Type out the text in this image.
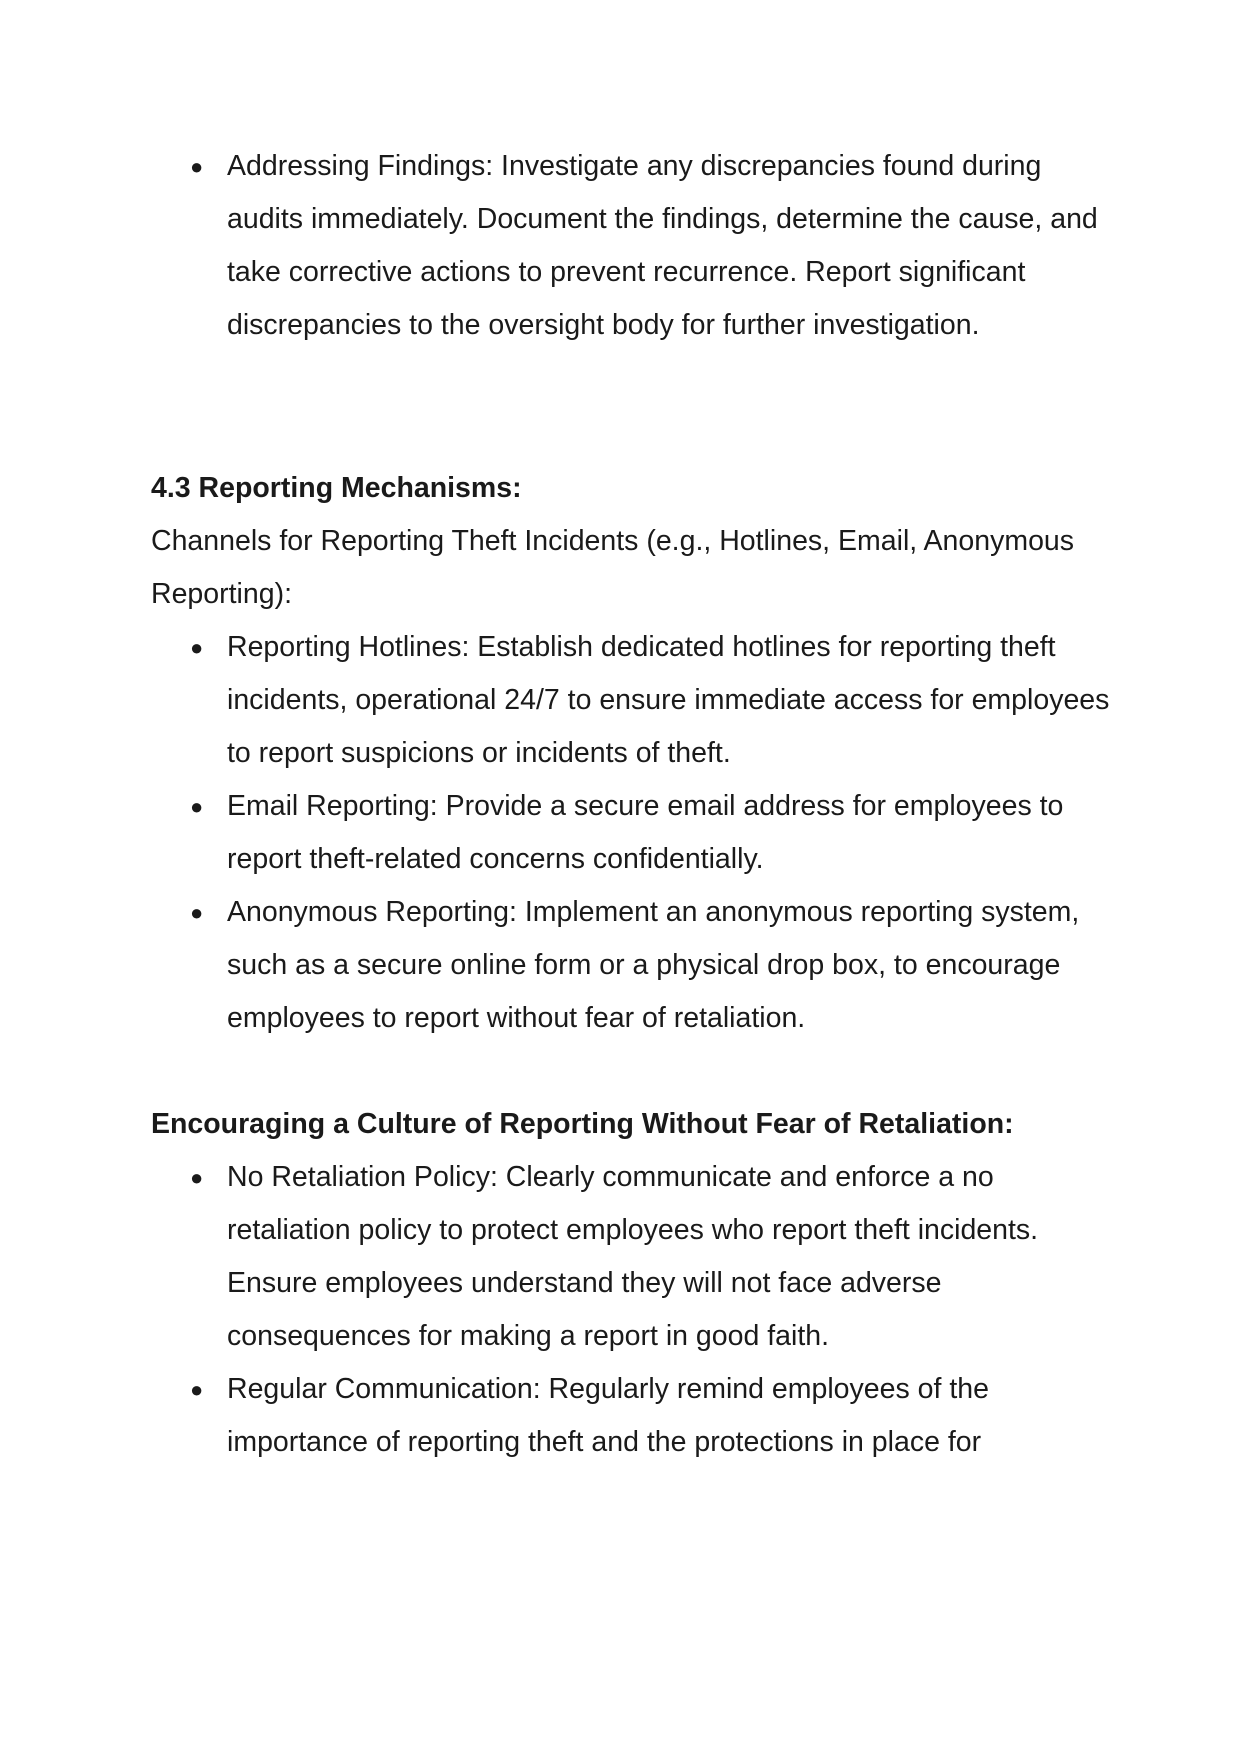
● Addressing Findings: Investigate any discrepancies found during audits immediately. Document the findings, determine the cause, and take corrective actions to prevent recurrence. Report significant discrepancies to the oversight body for further investigation.

4.3 Reporting Mechanisms:

Channels for Reporting Theft Incidents (e.g., Hotlines, Email, Anonymous Reporting):

● Reporting Hotlines: Establish dedicated hotlines for reporting theft incidents, operational 24/7 to ensure immediate access for employees to report suspicions or incidents of theft.
● Email Reporting: Provide a secure email address for employees to report theft-related concerns confidentially.
● Anonymous Reporting: Implement an anonymous reporting system, such as a secure online form or a physical drop box, to encourage employees to report without fear of retaliation.

Encouraging a Culture of Reporting Without Fear of Retaliation:

● No Retaliation Policy: Clearly communicate and enforce a no retaliation policy to protect employees who report theft incidents. Ensure employees understand they will not face adverse consequences for making a report in good faith.
● Regular Communication: Regularly remind employees of the importance of reporting theft and the protections in place for
